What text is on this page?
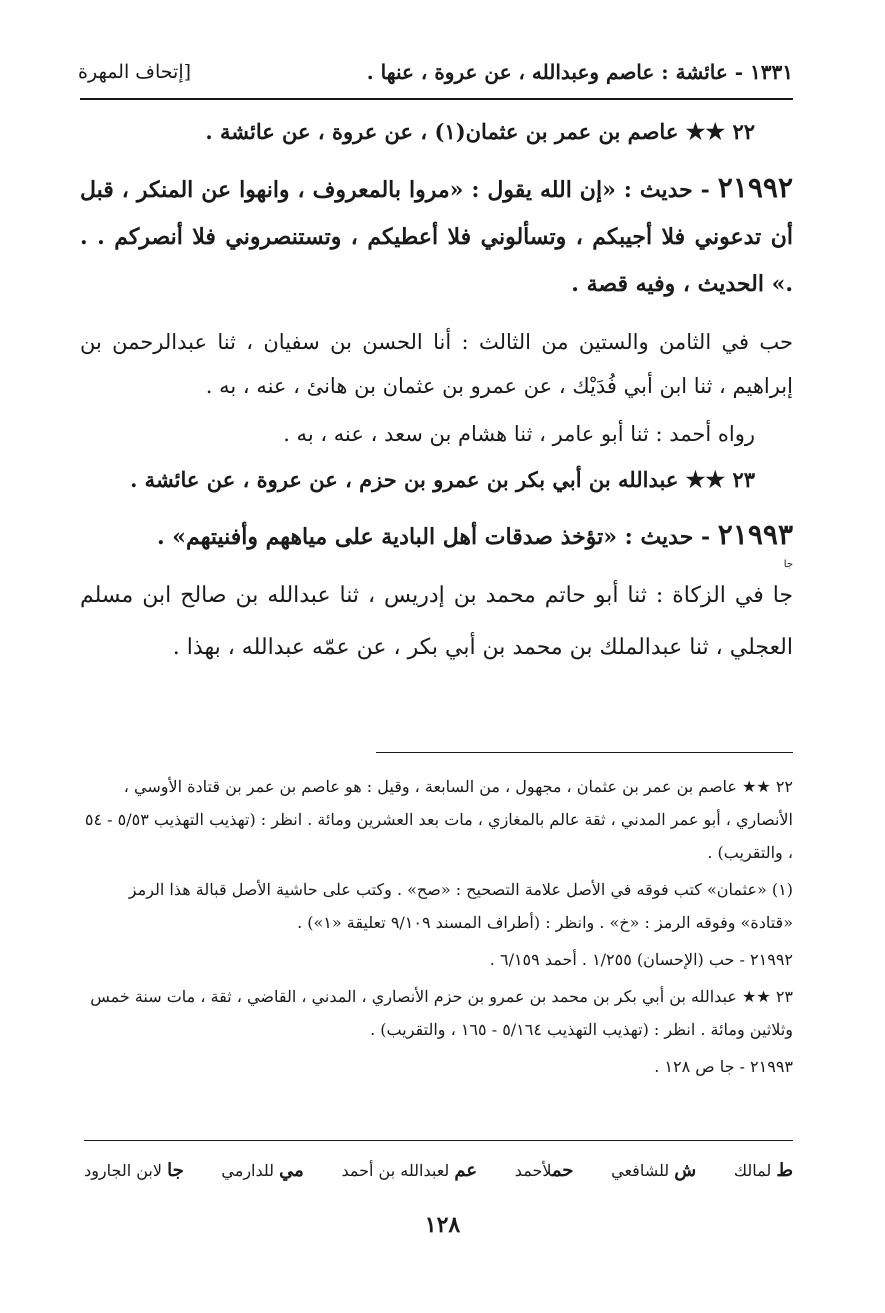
١٣٣١ - عائشة : عاصم وعبدالله ، عن عروة ، عنها .
[إتحاف المهرة

٢٢ ★★ عاصم بن عمر بن عثمان(١) ، عن عروة ، عن عائشة .

٢١٩٩٢ - حديث : «إن الله يقول : «مروا بالمعروف ، وانهوا عن المنكر ، قبل أن تدعوني فلا أجيبكم ، وتسألوني فلا أعطيكم ، وتستنصروني فلا أنصركم . . .» الحديث ، وفيه قصة .

حب في الثامن والستين من الثالث : أنا الحسن بن سفيان ، ثنا عبدالرحمن بن إبراهيم ، ثنا ابن أبي فُدَيْك ، عن عمرو بن عثمان بن هانئ ، عنه ، به .

رواه أحمد : ثنا أبو عامر ، ثنا هشام بن سعد ، عنه ، به .

٢٣ ★★ عبدالله بن أبي بكر بن عمرو بن حزم ، عن عروة ، عن عائشة .

٢١٩٩٣ - حديث : «تؤخذ صدقات أهل البادية على مياههم وأفنيتهم» .

جا

جا في الزكاة : ثنا أبو حاتم محمد بن إدريس ، ثنا عبدالله بن صالح ابن مسلم العجلي ، ثنا عبدالملك بن محمد بن أبي بكر ، عن عمّه عبدالله ، بهذا .

٢٢ ★★ عاصم بن عمر بن عثمان ، مجهول ، من السابعة ، وقيل : هو عاصم بن عمر بن قتادة الأوسي ، الأنصاري ، أبو عمر المدني ، ثقة عالم بالمغازي ، مات بعد العشرين ومائة . انظر : (تهذيب التهذيب ٥/٥٣ - ٥٤ ، والتقريب) .

(١) «عثمان» كتب فوقه في الأصل علامة التصحيح : «صح» . وكتب على حاشية الأصل قبالة هذا الرمز «قتادة» وفوقه الرمز : «خ» . وانظر : (أطراف المسند ٩/١٠٩ تعليقة «١») .

٢١٩٩٢ - حب (الإحسان) ١/٢٥٥ . أحمد ٦/١٥٩ .

٢٣ ★★ عبدالله بن أبي بكر بن محمد بن عمرو بن حزم الأنصاري ، المدني ، القاضي ، ثقة ، مات سنة خمس وثلاثين ومائة . انظر : (تهذيب التهذيب ٥/١٦٤ - ١٦٥ ، والتقريب) .

٢١٩٩٣ - جا ص ١٢٨ .

ط لمالك
ش للشافعي
حملأحمد
عم لعبدالله بن أحمد
مي للدارمي
جا لابن الجارود
١٢٨
